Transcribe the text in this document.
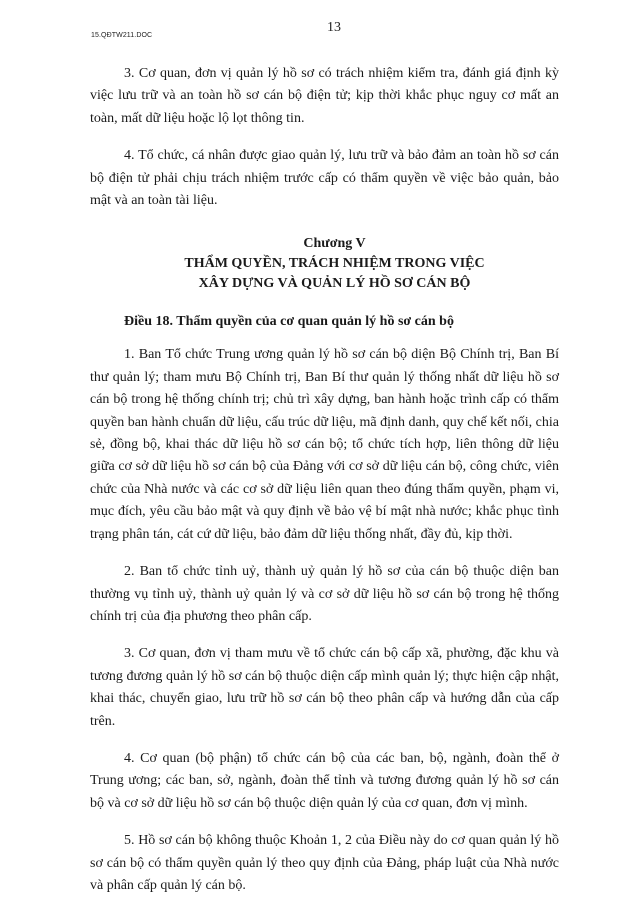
15.QĐTW211.DOC
13

3. Cơ quan, đơn vị quản lý hồ sơ có trách nhiệm kiểm tra, đánh giá định kỳ việc lưu trữ và an toàn hồ sơ cán bộ điện tử; kịp thời khắc phục nguy cơ mất an toàn, mất dữ liệu hoặc lộ lọt thông tin.

4. Tổ chức, cá nhân được giao quản lý, lưu trữ và bảo đảm an toàn hồ sơ cán bộ điện tử phải chịu trách nhiệm trước cấp có thẩm quyền về việc bảo quản, bảo mật và an toàn tài liệu.

Chương V
THẨM QUYỀN, TRÁCH NHIỆM TRONG VIỆC
XÂY DỰNG VÀ QUẢN LÝ HỒ SƠ CÁN BỘ
Điều 18. Thẩm quyền của cơ quan quản lý hồ sơ cán bộ

1. Ban Tổ chức Trung ương quản lý hồ sơ cán bộ diện Bộ Chính trị, Ban Bí thư quản lý; tham mưu Bộ Chính trị, Ban Bí thư quản lý thống nhất dữ liệu hồ sơ cán bộ trong hệ thống chính trị; chủ trì xây dựng, ban hành hoặc trình cấp có thẩm quyền ban hành chuẩn dữ liệu, cấu trúc dữ liệu, mã định danh, quy chế kết nối, chia sẻ, đồng bộ, khai thác dữ liệu hồ sơ cán bộ; tổ chức tích hợp, liên thông dữ liệu giữa cơ sở dữ liệu hồ sơ cán bộ của Đảng với cơ sở dữ liệu cán bộ, công chức, viên chức của Nhà nước và các cơ sở dữ liệu liên quan theo đúng thẩm quyền, phạm vi, mục đích, yêu cầu bảo mật và quy định về bảo vệ bí mật nhà nước; khắc phục tình trạng phân tán, cát cứ dữ liệu, bảo đảm dữ liệu thống nhất, đầy đủ, kịp thời.

2. Ban tổ chức tỉnh uỷ, thành uỷ quản lý hồ sơ của cán bộ thuộc diện ban thường vụ tỉnh uỷ, thành uỷ quản lý và cơ sở dữ liệu hồ sơ cán bộ trong hệ thống chính trị của địa phương theo phân cấp.

3. Cơ quan, đơn vị tham mưu về tổ chức cán bộ cấp xã, phường, đặc khu và tương đương quản lý hồ sơ cán bộ thuộc diện cấp mình quản lý; thực hiện cập nhật, khai thác, chuyển giao, lưu trữ hồ sơ cán bộ theo phân cấp và hướng dẫn của cấp trên.

4. Cơ quan (bộ phận) tổ chức cán bộ của các ban, bộ, ngành, đoàn thể ở Trung ương; các ban, sở, ngành, đoàn thể tỉnh và tương đương quản lý hồ sơ cán bộ và cơ sở dữ liệu hồ sơ cán bộ thuộc diện quản lý của cơ quan, đơn vị mình.

5. Hồ sơ cán bộ không thuộc Khoản 1, 2 của Điều này do cơ quan quản lý hồ sơ cán bộ có thẩm quyền quản lý theo quy định của Đảng, pháp luật của Nhà nước và phân cấp quản lý cán bộ.
